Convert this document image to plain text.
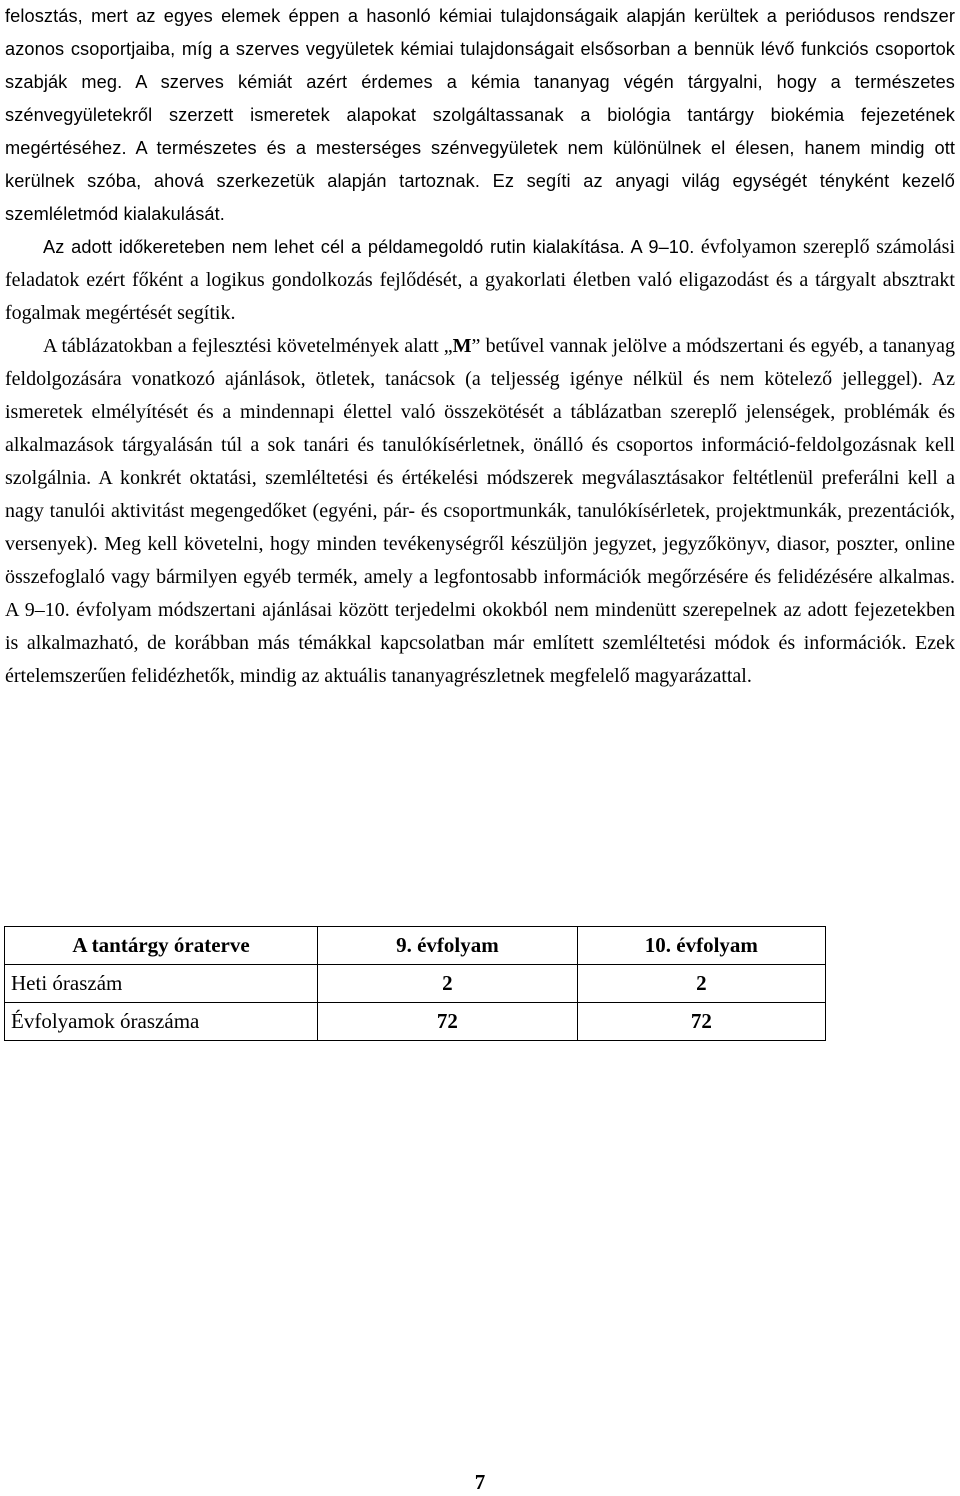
felosztás, mert az egyes elemek éppen a hasonló kémiai tulajdonságaik alapján kerültek a periódusos rendszer azonos csoportjaiba, míg a szerves vegyületek kémiai tulajdonságait elsősorban a bennük lévő funkciós csoportok szabják meg. A szerves kémiát azért érdemes a kémia tananyag végén tárgyalni, hogy a természetes szénvegyületekről szerzett ismeretek alapokat szolgáltassanak a biológia tantárgy biokémia fejezetének megértéséhez. A természetes és a mesterséges szénvegyületek nem különülnek el élesen, hanem mindig ott kerülnek szóba, ahová szerkezetük alapján tartoznak. Ez segíti az anyagi világ egységét tényként kezelő szemléletmód kialakulását.

Az adott időkereteben nem lehet cél a példamegoldó rutin kialakítása. A 9–10. évfolyamon szereplő számolási feladatok ezért főként a logikus gondolkozás fejlődését, a gyakorlati életben való eligazodást és a tárgyalt absztrakt fogalmak megértését segítik.

A táblázatokban a fejlesztési követelmények alatt „M” betűvel vannak jelölve a módszertani és egyéb, a tananyag feldolgozására vonatkozó ajánlások, ötletek, tanácsok (a teljesség igénye nélkül és nem kötelező jelleggel). Az ismeretek elmélyítését és a mindennapi élettel való összekötését a táblázatban szereplő jelenségek, problémák és alkalmazások tárgyalásán túl a sok tanári és tanulókísérletnek, önálló és csoportos információ-feldolgozásnak kell szolgálnia. A konkrét oktatási, szemléltetési és értékelési módszerek megválasztásakor feltétlenül preferálni kell a nagy tanulói aktivitást megengedőket (egyéni, pár- és csoportmunkák, tanulókísérletek, projektmunkák, prezentációk, versenyek). Meg kell követelni, hogy minden tevékenységről készüljön jegyzet, jegyzőkönyv, diasor, poszter, online összefoglaló vagy bármilyen egyéb termék, amely a legfontosabb információk megőrzésére és felidézésére alkalmas. A 9–10. évfolyam módszertani ajánlásai között terjedelmi okokból nem mindenütt szerepelnek az adott fejezetekben is alkalmazható, de korábban más témákkal kapcsolatban már említett szemléltetési módok és információk. Ezek értelemszerűen felidézhetők, mindig az aktuális tananyagrészletnek megfelelő magyarázattal.

A tantárgy óraterve	9. évfolyam	10. évfolyam
Heti óraszám	2	2
Évfolyamok óraszáma	72	72
7
